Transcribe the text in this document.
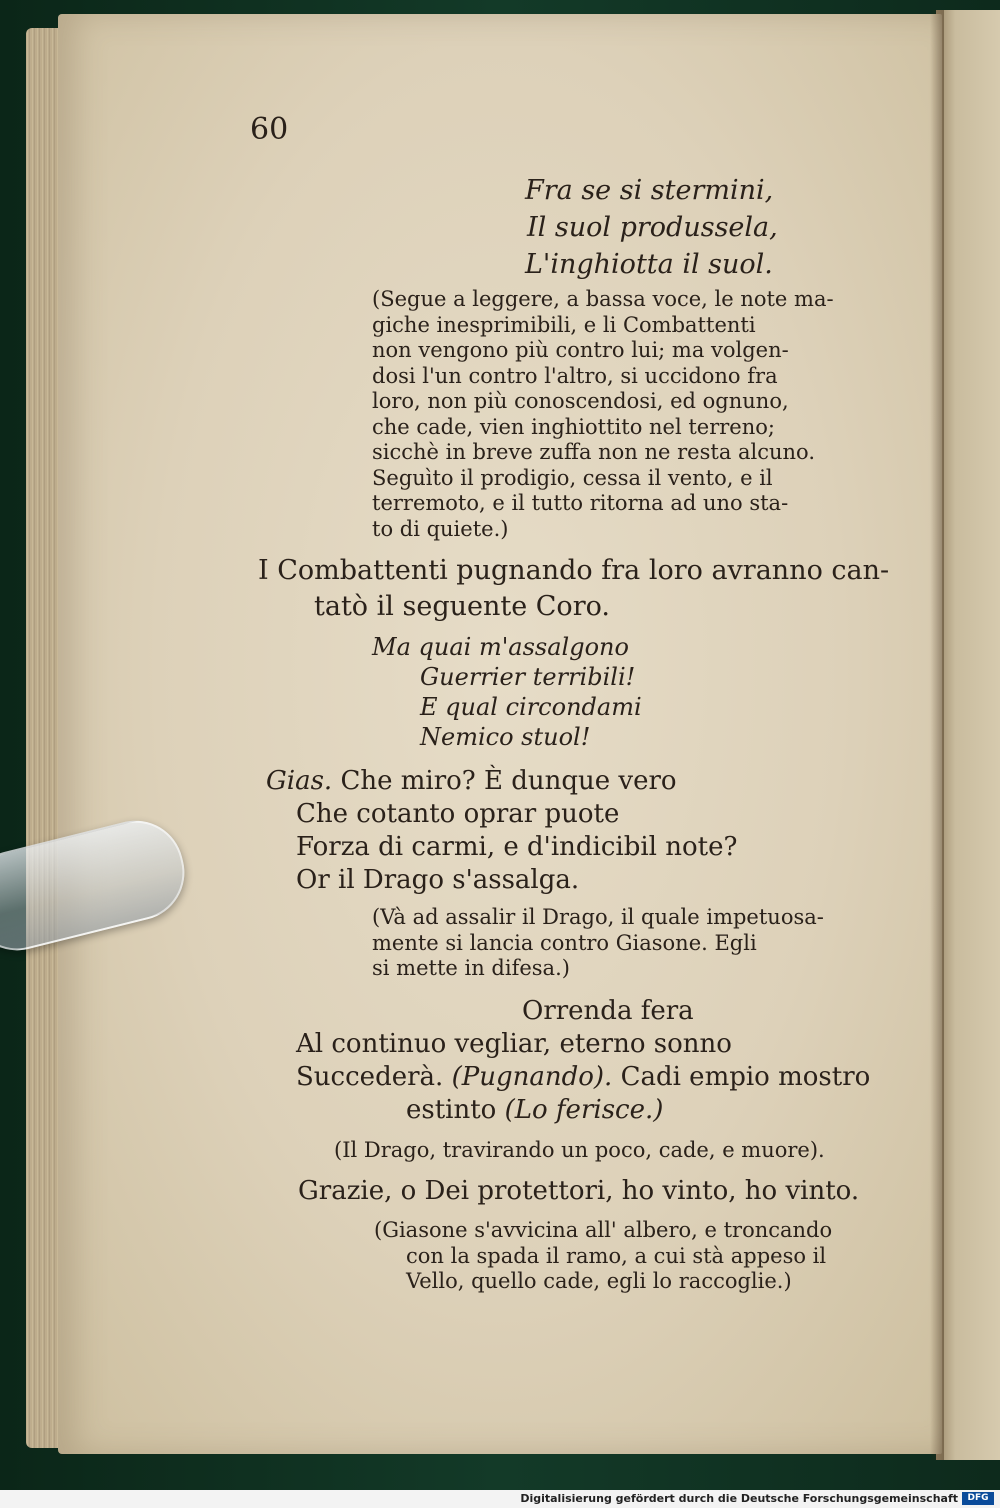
60
Fra se si stermini,
Il suol produssela,
L'inghiotta il suol.
(Segue a leggere, a bassa voce, le note ma-
giche inesprimibili, e li Combattenti
non vengono più contro lui; ma volgen-
dosi l'un contro l'altro, si uccidono fra
loro, non più conoscendosi, ed ognuno,
che cade, vien inghiottito nel terreno;
sicchè in breve zuffa non ne resta alcuno.
Seguìto il prodigio, cessa il vento, e il
terremoto, e il tutto ritorna ad uno sta-
to di quiete.)
I Combattenti pugnando fra loro avranno can-
tatò il seguente Coro.
Ma quai m'assalgono
Guerrier terribili!
E qual circondami
Nemico stuol!
Gias. Che miro? È dunque vero
Che cotanto oprar puote
Forza di carmi, e d'indicibil note?
Or il Drago s'assalga.
(Và ad assalir il Drago, il quale impetuosa-
mente si lancia contro Giasone. Egli
si mette in difesa.)
Orrenda fera
Al continuo vegliar, eterno sonno
Succederà. (Pugnando). Cadi empio mostro
estinto (Lo ferisce.)
(Il Drago, travirando un poco, cade, e muore).
Grazie, o Dei protettori, ho vinto, ho vinto.
(Giasone s'avvicina all' albero, e troncando
con la spada il ramo, a cui stà appeso il
Vello, quello cade, egli lo raccoglie.)
Digitalisierung gefördert durch die Deutsche Forschungsgemeinschaft	DFG
